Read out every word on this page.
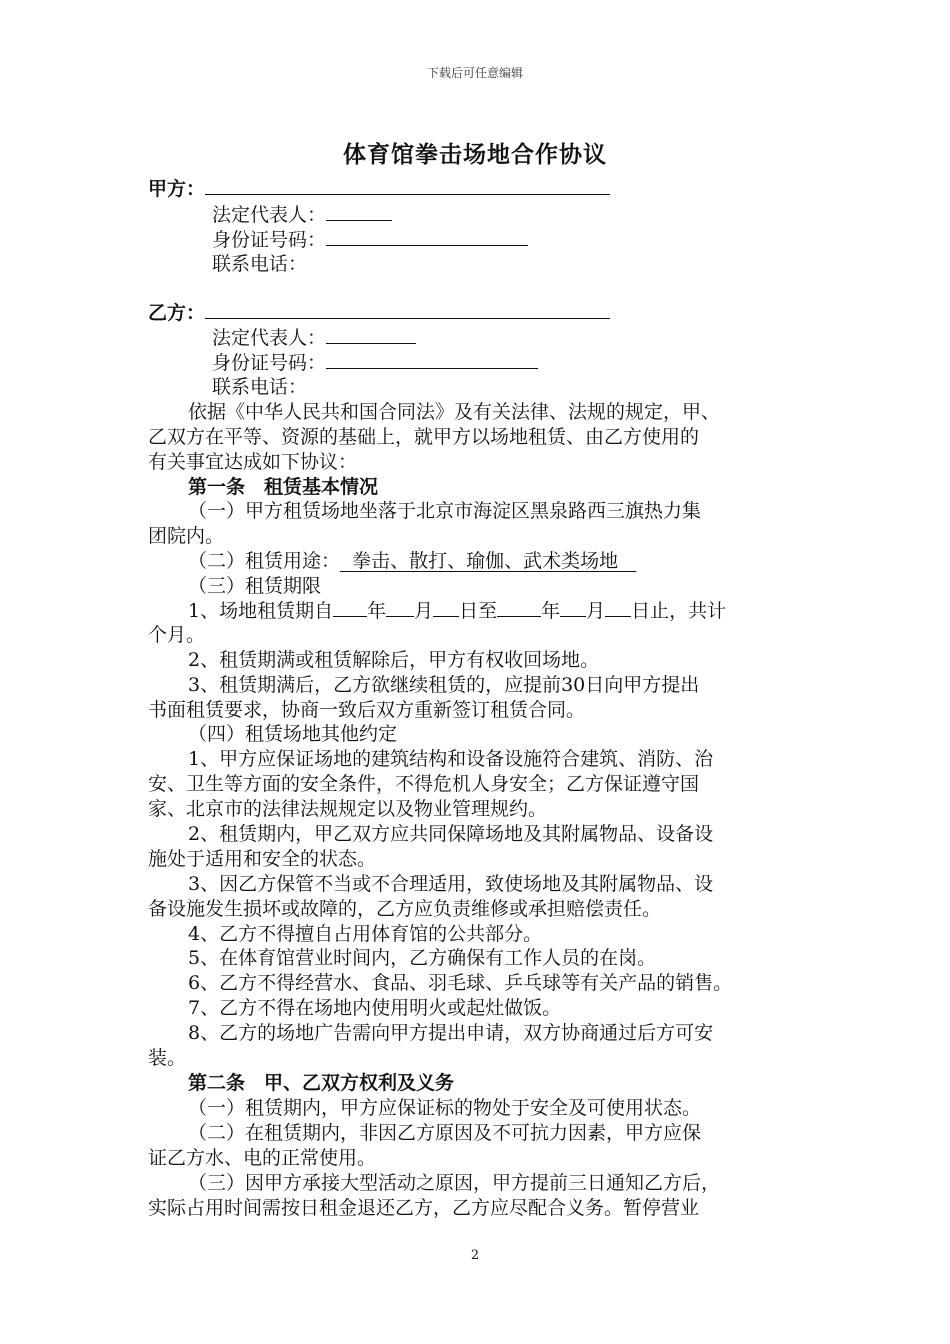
下载后可任意编辑
体育馆拳击场地合作协议
甲方：
法定代表人：
身份证号码：
联系电话：
乙方：
法定代表人：
身份证号码：
联系电话：
依据《中华人民共和国合同法》及有关法律、法规的规定，甲、
乙双方在平等、资源的基础上，就甲方以场地租赁、由乙方使用的
有关事宜达成如下协议：
第一条　租赁基本情况
（一）甲方租赁场地坐落于北京市海淀区黑泉路西三旗热力集
团院内。
（二）租赁用途： 拳击、散打、瑜伽、武术类场地
（三）租赁期限
1、场地租赁期自 年 月 日至 年 月 日止，共计
个月。
2、租赁期满或租赁解除后，甲方有权收回场地。
3、租赁期满后，乙方欲继续租赁的，应提前30日向甲方提出
书面租赁要求，协商一致后双方重新签订租赁合同。
（四）租赁场地其他约定
1、甲方应保证场地的建筑结构和设备设施符合建筑、消防、治
安、卫生等方面的安全条件，不得危机人身安全；乙方保证遵守国
家、北京市的法律法规规定以及物业管理规约。
2、租赁期内，甲乙双方应共同保障场地及其附属物品、设备设
施处于适用和安全的状态。
3、因乙方保管不当或不合理适用，致使场地及其附属物品、设
备设施发生损坏或故障的，乙方应负责维修或承担赔偿责任。
4、乙方不得擅自占用体育馆的公共部分。
5、在体育馆营业时间内，乙方确保有工作人员的在岗。
6、乙方不得经营水、食品、羽毛球、乒乓球等有关产品的销售。
7、乙方不得在场地内使用明火或起灶做饭。
8、乙方的场地广告需向甲方提出申请，双方协商通过后方可安
装。
第二条　甲、乙双方权利及义务
（一）租赁期内，甲方应保证标的物处于安全及可使用状态。
（二）在租赁期内，非因乙方原因及不可抗力因素，甲方应保
证乙方水、电的正常使用。
（三）因甲方承接大型活动之原因，甲方提前三日通知乙方后，
实际占用时间需按日租金退还乙方，乙方应尽配合义务。暂停营业
2
